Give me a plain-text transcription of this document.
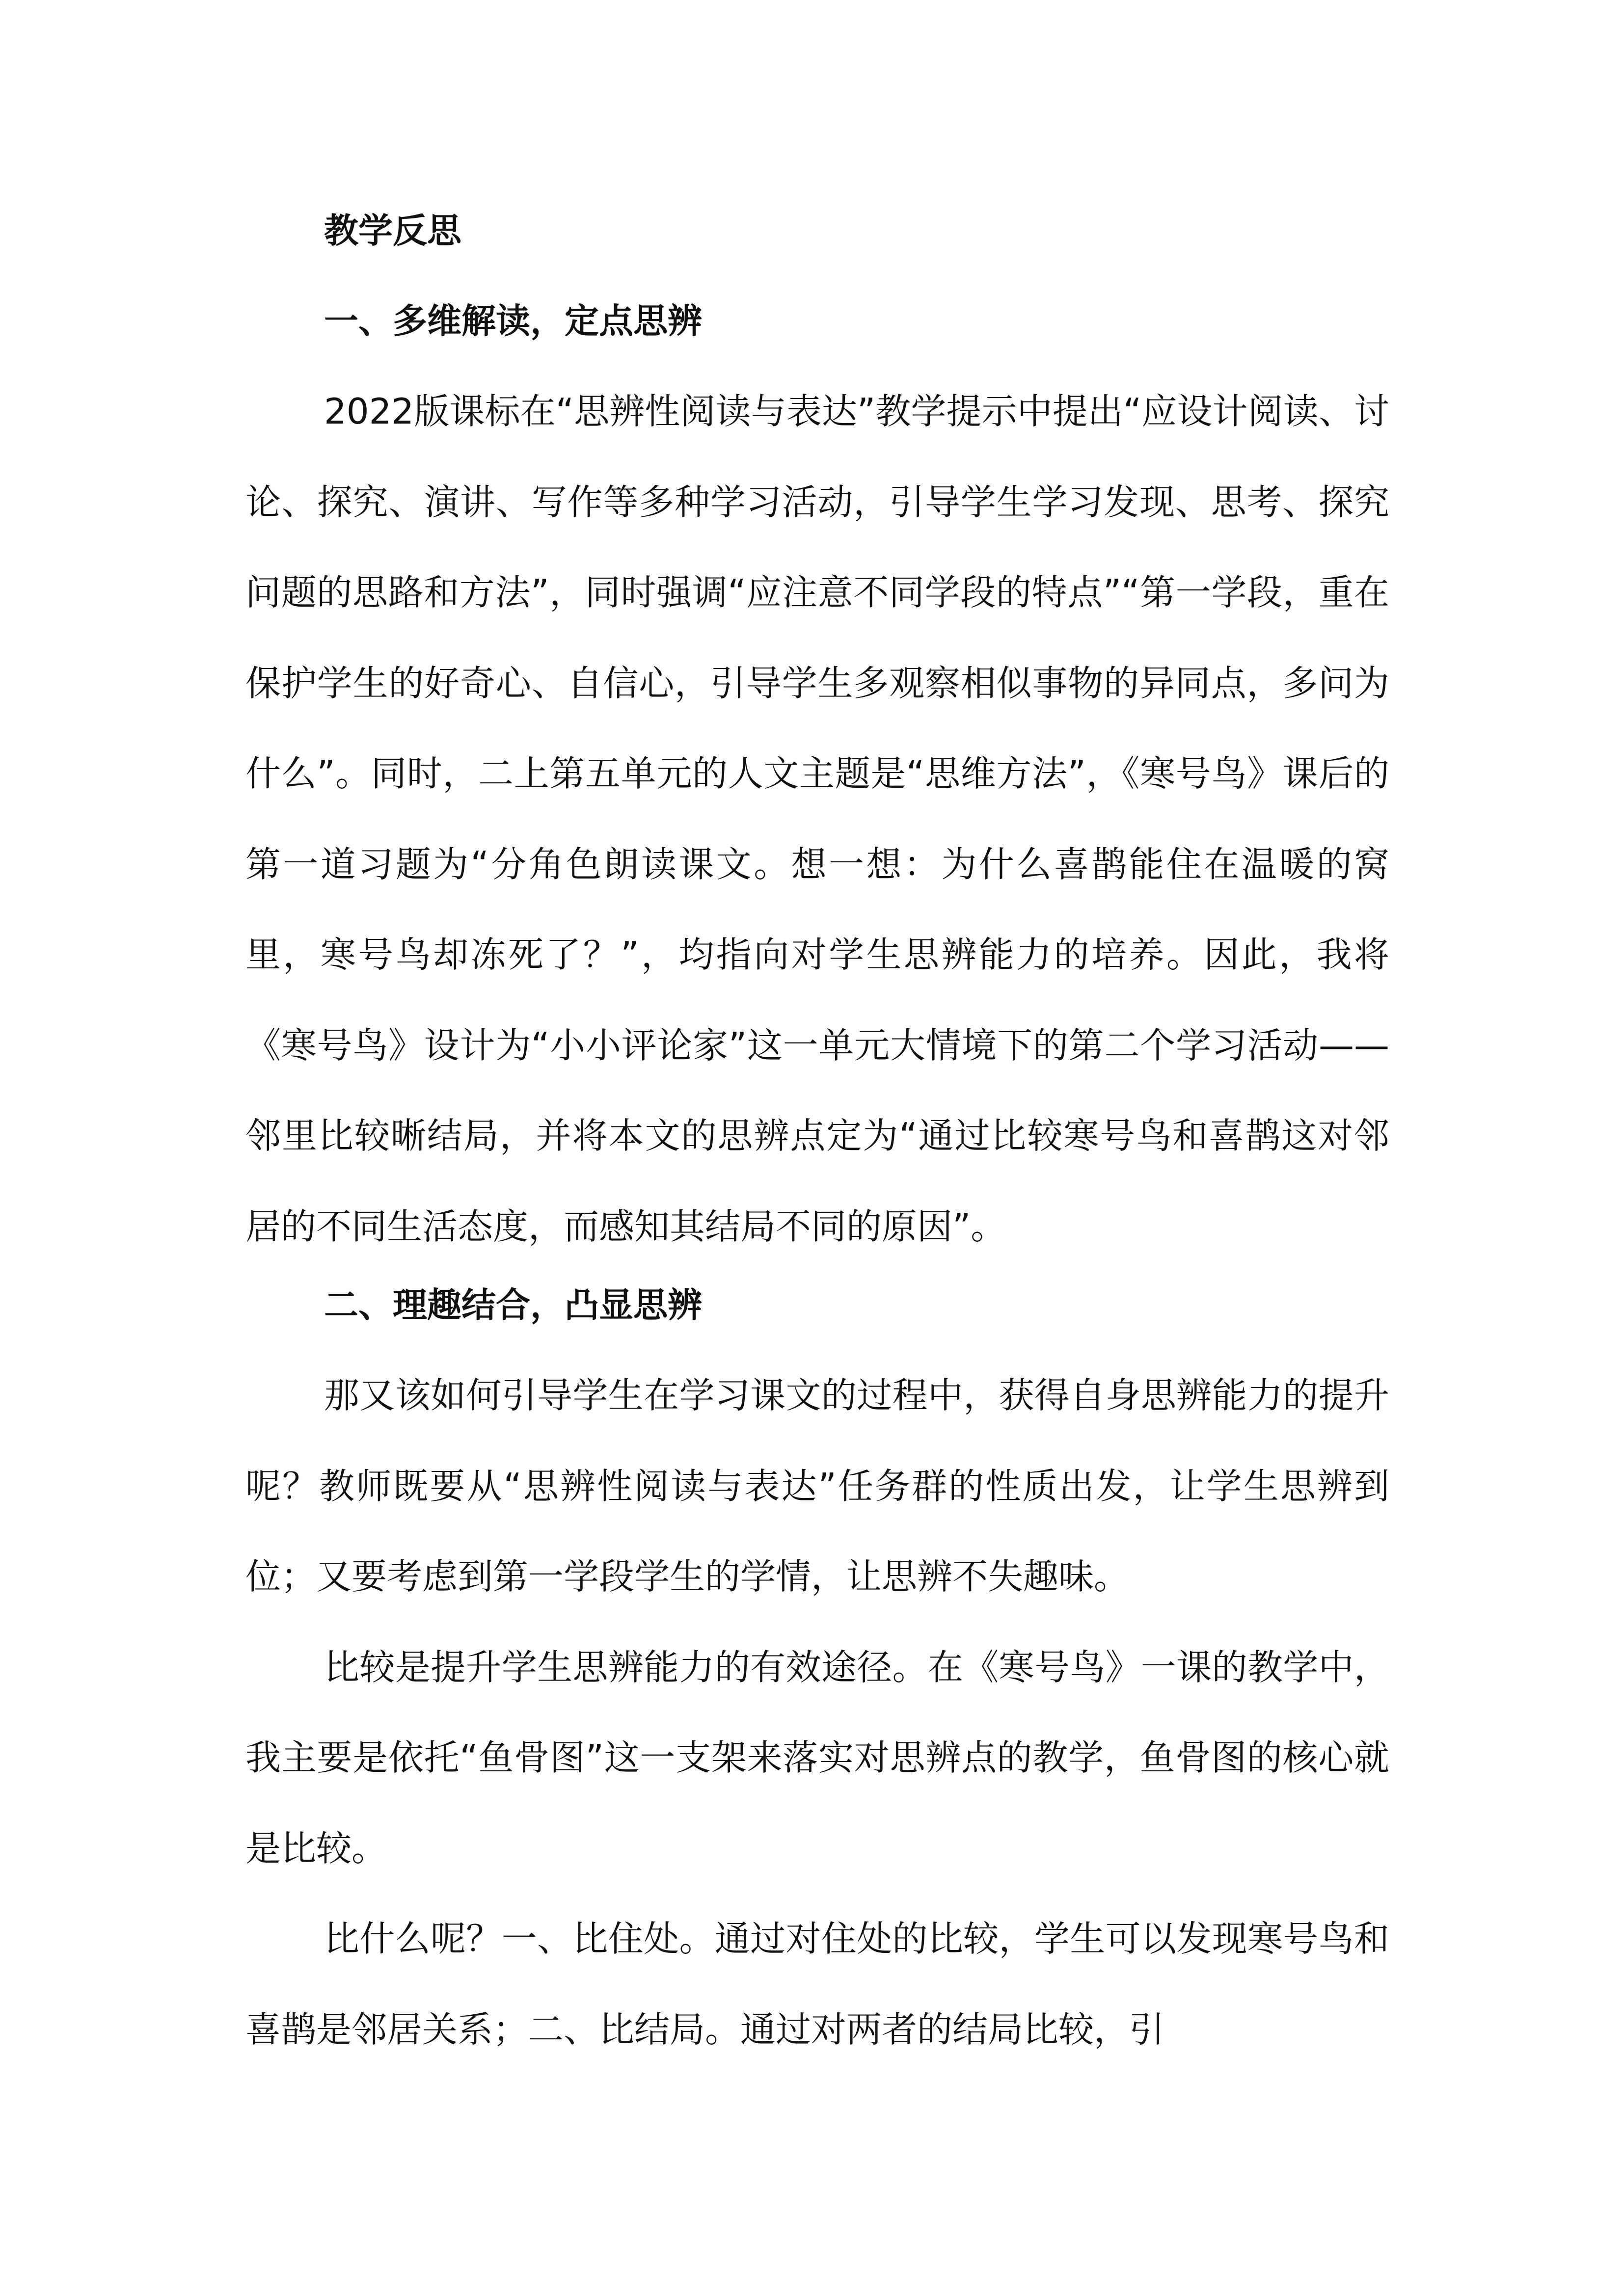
教学反思
一、多维解读，定点思辨

2022版课标在“思辨性阅读与表达”教学提示中提出“应设计阅读、讨论、探究、演讲、写作等多种学习活动，引导学生学习发现、思考、探究问题的思路和方法”，同时强调“应注意不同学段的特点”“第一学段，重在保护学生的好奇心、自信心，引导学生多观察相似事物的异同点，多问为什么”。同时，二上第五单元的人文主题是“思维方法”，《寒号鸟》课后的第一道习题为“分角色朗读课文。想一想：为什么喜鹊能住在温暖的窝里，寒号鸟却冻死了？”，均指向对学生思辨能力的培养。因此，我将《寒号鸟》设计为“小小评论家”这一单元大情境下的第二个学习活动——邻里比较晰结局，并将本文的思辨点定为“通过比较寒号鸟和喜鹊这对邻居的不同生活态度，而感知其结局不同的原因”。

二、理趣结合，凸显思辨

那又该如何引导学生在学习课文的过程中，获得自身思辨能力的提升呢？教师既要从“思辨性阅读与表达”任务群的性质出发，让学生思辨到位；又要考虑到第一学段学生的学情，让思辨不失趣味。

比较是提升学生思辨能力的有效途径。在《寒号鸟》一课的教学中，我主要是依托“鱼骨图”这一支架来落实对思辨点的教学，鱼骨图的核心就是比较。

比什么呢？一、比住处。通过对住处的比较，学生可以发现寒号鸟和喜鹊是邻居关系；二、比结局。通过对两者的结局比较，引
